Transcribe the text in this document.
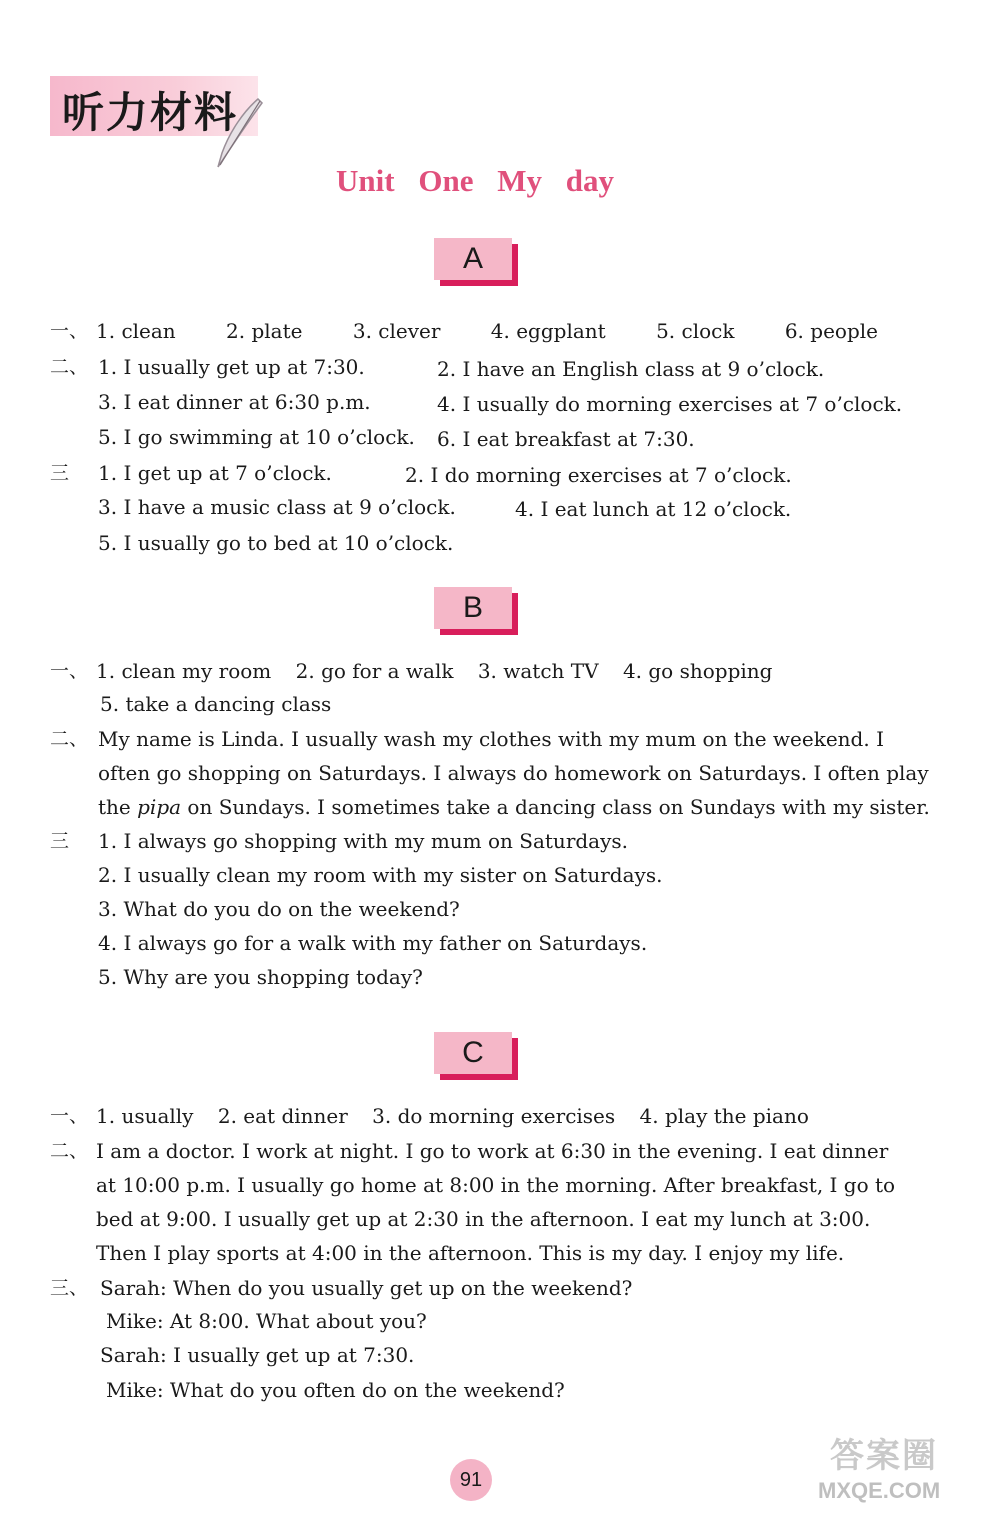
听力材料
Unit One My day
A
一、 1. clean	2. plate	3. clever	4. eggplant	5. clock	6. people
二、 1. I usually get up at 7:30.	2. I have an English class at 9 o’clock.
3. I eat dinner at 6:30 p.m.	4. I usually do morning exercises at 7 o’clock.
5. I go swimming at 10 o’clock. 6. I eat breakfast at 7:30.
三 1. I get up at 7 o’clock.	2. I do morning exercises at 7 o’clock.
3. I have a music class at 9 o’clock.	4. I eat lunch at 12 o’clock.
5. I usually go to bed at 10 o’clock.
B
一、 1. clean my room 2. go for a walk 3. watch TV 4. go shopping
5. take a dancing class
二、 My name is Linda. I usually wash my clothes with my mum on the weekend. I
often go shopping on Saturdays. I always do homework on Saturdays. I often play
the pipa on Sundays. I sometimes take a dancing class on Sundays with my sister.
三 1. I always go shopping with my mum on Saturdays.
2. I usually clean my room with my sister on Saturdays.
3. What do you do on the weekend?
4. I always go for a walk with my father on Saturdays.
5. Why are you shopping today?
C
一、 1. usually 2. eat dinner 3. do morning exercises 4. play the piano
二、 I am a doctor. I work at night. I go to work at 6:30 in the evening. I eat dinner
at 10:00 p.m. I usually go home at 8:00 in the morning. After breakfast, I go to
bed at 9:00. I usually get up at 2:30 in the afternoon. I eat my lunch at 3:00.
Then I play sports at 4:00 in the afternoon. This is my day. I enjoy my life.
三、 Sarah: When do you usually get up on the weekend?
Mike: At 8:00. What about you?
Sarah: I usually get up at 7:30.
Mike: What do you often do on the weekend?
91
答案圈
MXQE.COM
